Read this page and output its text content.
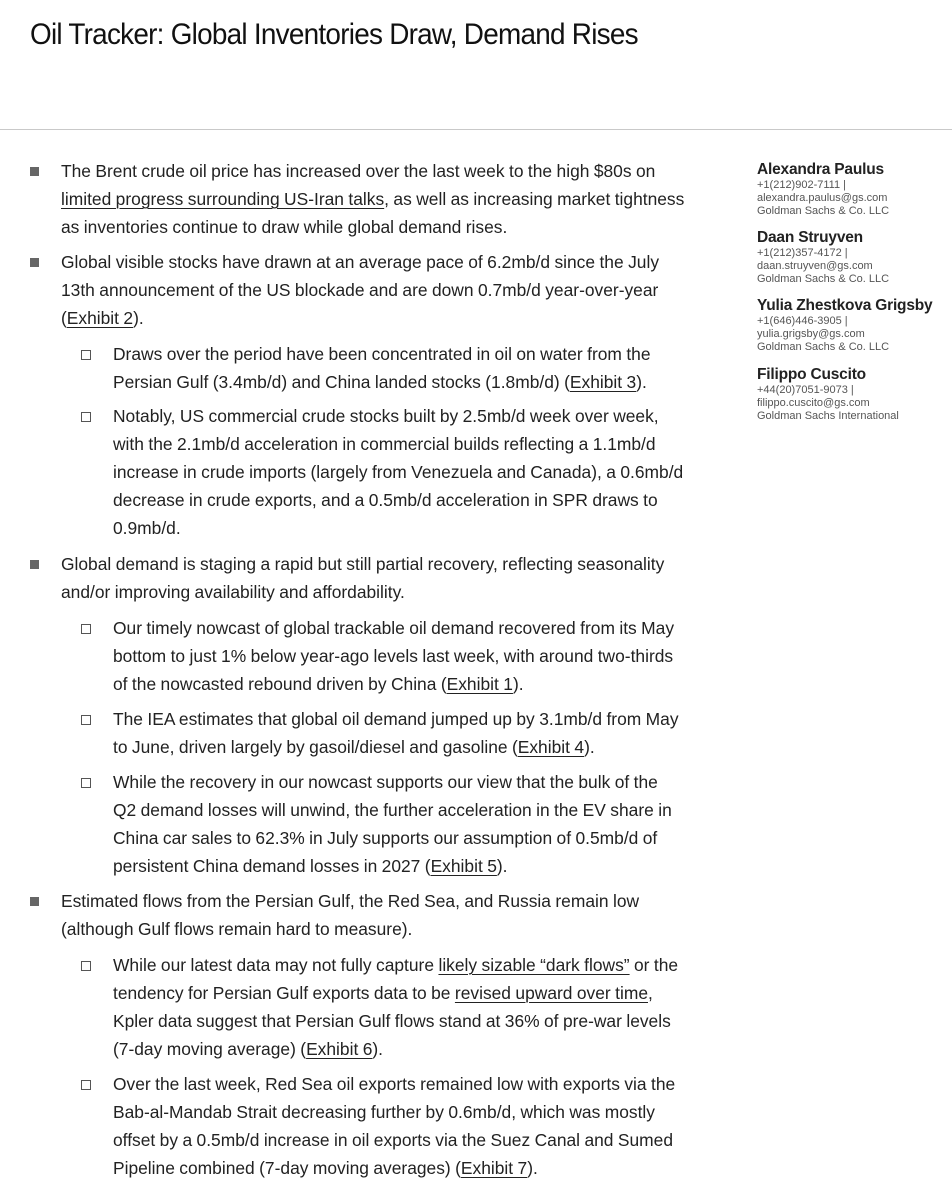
Oil Tracker: Global Inventories Draw, Demand Rises
The Brent crude oil price has increased over the last week to the high $80s on
limited progress surrounding US-Iran talks, as well as increasing market tightness
as inventories continue to draw while global demand rises.
Global visible stocks have drawn at an average pace of 6.2mb/d since the July
13th announcement of the US blockade and are down 0.7mb/d year-over-year
(Exhibit 2).
Draws over the period have been concentrated in oil on water from the
Persian Gulf (3.4mb/d) and China landed stocks (1.8mb/d) (Exhibit 3).
Notably, US commercial crude stocks built by 2.5mb/d week over week,
with the 2.1mb/d acceleration in commercial builds reflecting a 1.1mb/d
increase in crude imports (largely from Venezuela and Canada), a 0.6mb/d
decrease in crude exports, and a 0.5mb/d acceleration in SPR draws to
0.9mb/d.
Global demand is staging a rapid but still partial recovery, reflecting seasonality
and/or improving availability and affordability.
Our timely nowcast of global trackable oil demand recovered from its May
bottom to just 1% below year-ago levels last week, with around two-thirds
of the nowcasted rebound driven by China (Exhibit 1).
The IEA estimates that global oil demand jumped up by 3.1mb/d from May
to June, driven largely by gasoil/diesel and gasoline (Exhibit 4).
While the recovery in our nowcast supports our view that the bulk of the
Q2 demand losses will unwind, the further acceleration in the EV share in
China car sales to 62.3% in July supports our assumption of 0.5mb/d of
persistent China demand losses in 2027 (Exhibit 5).
Estimated flows from the Persian Gulf, the Red Sea, and Russia remain low
(although Gulf flows remain hard to measure).
While our latest data may not fully capture likely sizable “dark flows” or the
tendency for Persian Gulf exports data to be revised upward over time,
Kpler data suggest that Persian Gulf flows stand at 36% of pre-war levels
(7-day moving average) (Exhibit 6).
Over the last week, Red Sea oil exports remained low with exports via the
Bab-al-Mandab Strait decreasing further by 0.6mb/d, which was mostly
offset by a 0.5mb/d increase in oil exports via the Suez Canal and Sumed
Pipeline combined (7-day moving averages) (Exhibit 7).
Alexandra Paulus
+1(212)902-7111 |
alexandra.paulus@gs.com
Goldman Sachs & Co. LLC
Daan Struyven
+1(212)357-4172 |
daan.struyven@gs.com
Goldman Sachs & Co. LLC
Yulia Zhestkova Grigsby
+1(646)446-3905 |
yulia.grigsby@gs.com
Goldman Sachs & Co. LLC
Filippo Cuscito
+44(20)7051-9073 |
filippo.cuscito@gs.com
Goldman Sachs International
